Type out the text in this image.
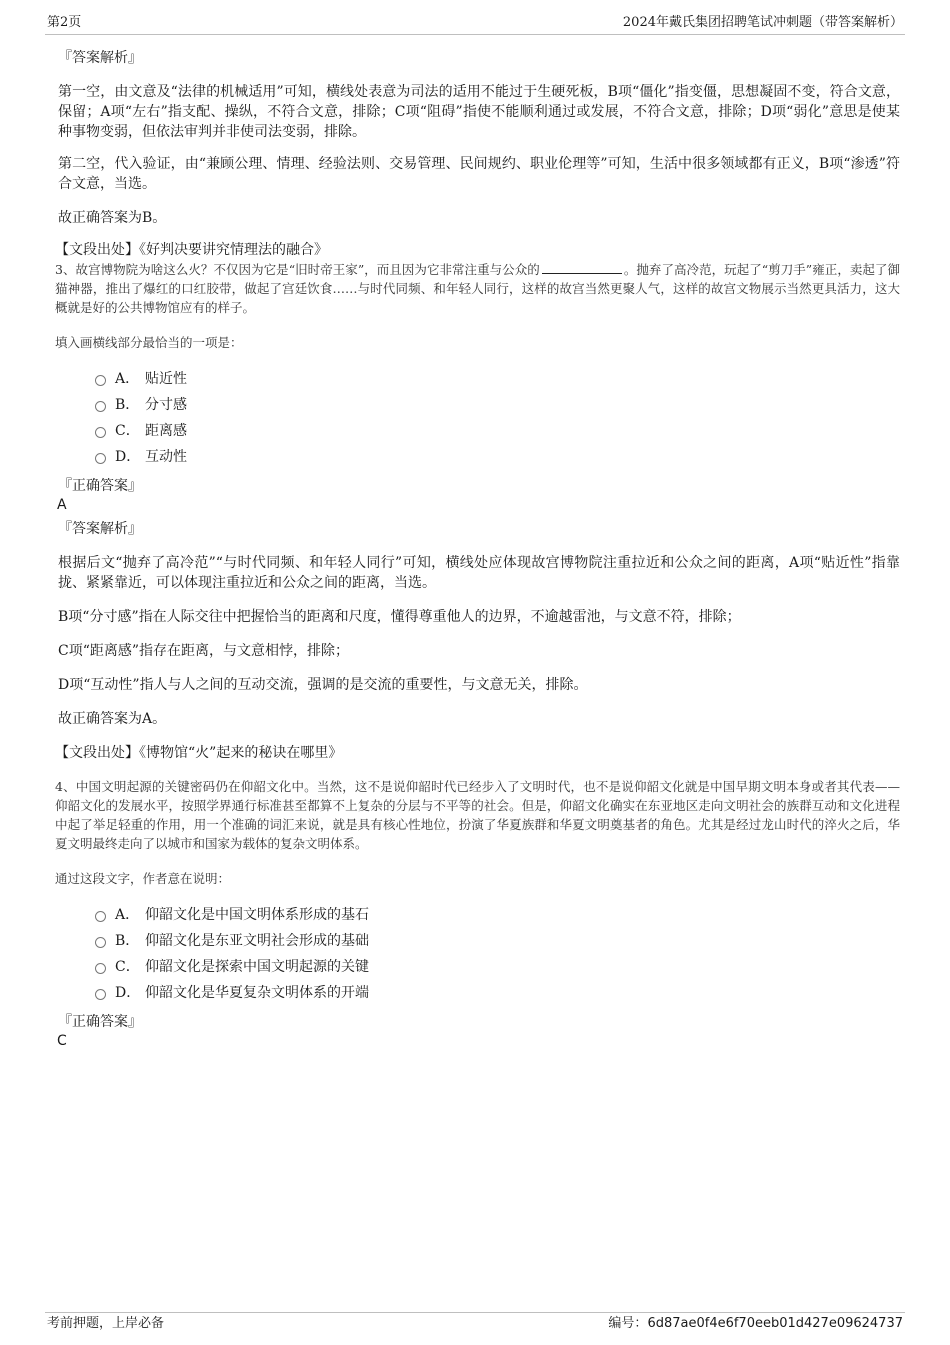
第2页	2024年戴氏集团招聘笔试冲刺题（带答案解析）
『答案解析』

第一空，由文意及“法律的机械适用”可知，横线处表意为司法的适用不能过于生硬死板，B项“僵化”指变僵，思想凝固不变，符合文意，保留；A项“左右”指支配、操纵，不符合文意，排除；C项“阻碍”指使不能顺利通过或发展，不符合文意，排除；D项“弱化”意思是使某种事物变弱，但依法审判并非使司法变弱，排除。

第二空，代入验证，由“兼顾公理、情理、经验法则、交易管理、民间规约、职业伦理等”可知，生活中很多领域都有正义，B项“渗透”符合文意，当选。

故正确答案为B。

【文段出处】《好判决要讲究情理法的融合》

3、故宫博物院为啥这么火？不仅因为它是“旧时帝王家”，而且因为它非常注重与公众的	。抛弃了高冷范，玩起了“剪刀手”雍正，卖起了御猫神器，推出了爆红的口红胶带，做起了宫廷饮食……与时代同频、和年轻人同行，这样的故宫当然更聚人气，这样的故宫文物展示当然更具活力，这大概就是好的公共博物馆应有的样子。

填入画横线部分最恰当的一项是：

A． 贴近性
B． 分寸感
C． 距离感
D． 互动性
『正确答案』
A
『答案解析』

根据后文“抛弃了高冷范”“与时代同频、和年轻人同行”可知，横线处应体现故宫博物院注重拉近和公众之间的距离，A项“贴近性”指靠拢、紧紧靠近，可以体现注重拉近和公众之间的距离，当选。

B项“分寸感”指在人际交往中把握恰当的距离和尺度，懂得尊重他人的边界，不逾越雷池，与文意不符，排除；

C项“距离感”指存在距离，与文意相悖，排除；

D项“互动性”指人与人之间的互动交流，强调的是交流的重要性，与文意无关，排除。

故正确答案为A。

【文段出处】《博物馆“火”起来的秘诀在哪里》

4、中国文明起源的关键密码仍在仰韶文化中。当然，这不是说仰韶时代已经步入了文明时代，也不是说仰韶文化就是中国早期文明本身或者其代表——仰韶文化的发展水平，按照学界通行标准甚至都算不上复杂的分层与不平等的社会。但是，仰韶文化确实在东亚地区走向文明社会的族群互动和文化进程中起了举足轻重的作用，用一个准确的词汇来说，就是具有核心性地位，扮演了华夏族群和华夏文明奠基者的角色。尤其是经过龙山时代的淬火之后，华夏文明最终走向了以城市和国家为载体的复杂文明体系。

通过这段文字，作者意在说明：

A． 仰韶文化是中国文明体系形成的基石
B． 仰韶文化是东亚文明社会形成的基础
C． 仰韶文化是探索中国文明起源的关键
D． 仰韶文化是华夏复杂文明体系的开端
『正确答案』
C
考前押题，上岸必备	编号：6d87ae0f4e6f70eeb01d427e09624737
